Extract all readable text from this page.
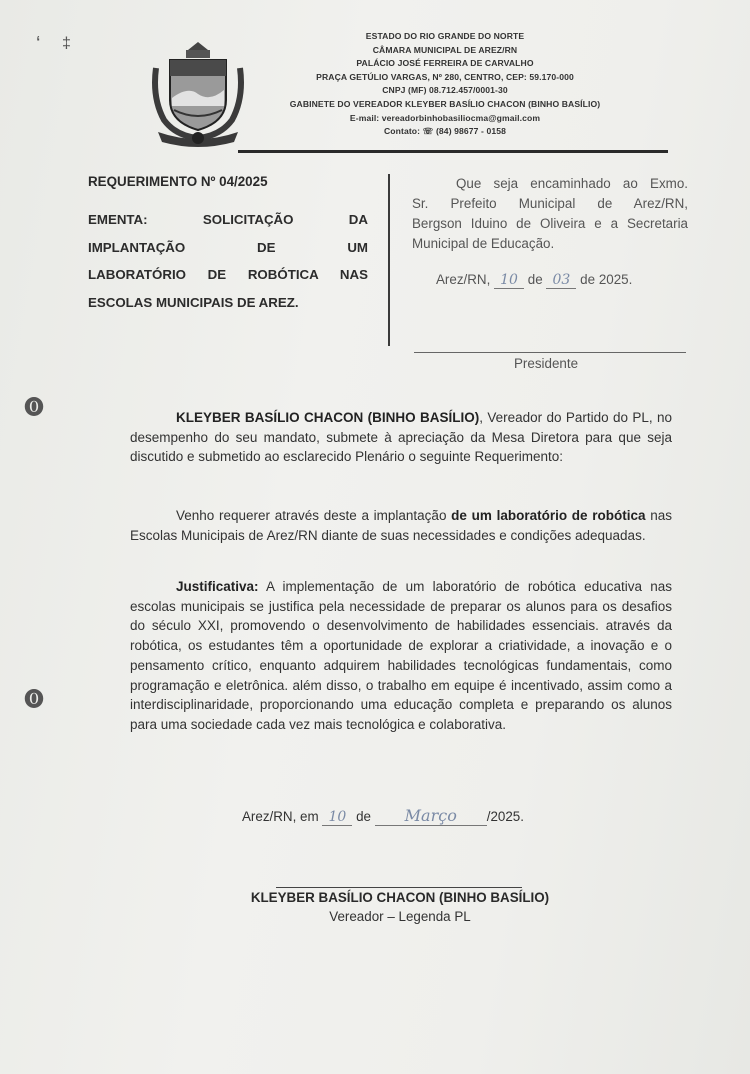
‘ ‡
⓿
⓿
ESTADO DO RIO GRANDE DO NORTE
CÂMARA MUNICIPAL DE AREZ/RN
PALÁCIO JOSÉ FERREIRA DE CARVALHO
PRAÇA GETÚLIO VARGAS, Nº 280, CENTRO, CEP: 59.170-000
CNPJ (MF) 08.712.457/0001-30
GABINETE DO VEREADOR KLEYBER BASÍLIO CHACON (BINHO BASÍLIO)
E-mail: vereadorbinhobasiliocma@gmail.com
Contato: ☏ (84) 98677 - 0158
REQUERIMENTO Nº 04/2025
EMENTA: SOLICITAÇÃO DA
IMPLANTAÇÃO DE UM
LABORATÓRIO DE ROBÓTICA NAS
ESCOLAS MUNICIPAIS DE AREZ.
Que seja encaminhado ao Exmo.
Sr. Prefeito Municipal de Arez/RN,
Bergson Iduino de Oliveira e a Secretaria
Municipal de Educação.
Arez/RN, 10 de 03 de 2025.
Presidente
KLEYBER BASÍLIO CHACON (BINHO BASÍLIO), Vereador do Partido do PL, no desempenho do seu mandato, submete à apreciação da Mesa Diretora para que seja discutido e submetido ao esclarecido Plenário o seguinte Requerimento:
Venho requerer através deste a implantação de um laboratório de robótica nas Escolas Municipais de Arez/RN diante de suas necessidades e condições adequadas.
Justificativa: A implementação de um laboratório de robótica educativa nas escolas municipais se justifica pela necessidade de preparar os alunos para os desafios do século XXI, promovendo o desenvolvimento de habilidades essenciais. através da robótica, os estudantes têm a oportunidade de explorar a criatividade, a inovação e o pensamento crítico, enquanto adquirem habilidades tecnológicas fundamentais, como programação e eletrônica. além disso, o trabalho em equipe é incentivado, assim como a interdisciplinaridade, proporcionando uma educação completa e preparando os alunos para uma sociedade cada vez mais tecnológica e colaborativa.
Arez/RN, em 10 de Março /2025.
KLEYBER BASÍLIO CHACON (BINHO BASÍLIO)
Vereador – Legenda PL
